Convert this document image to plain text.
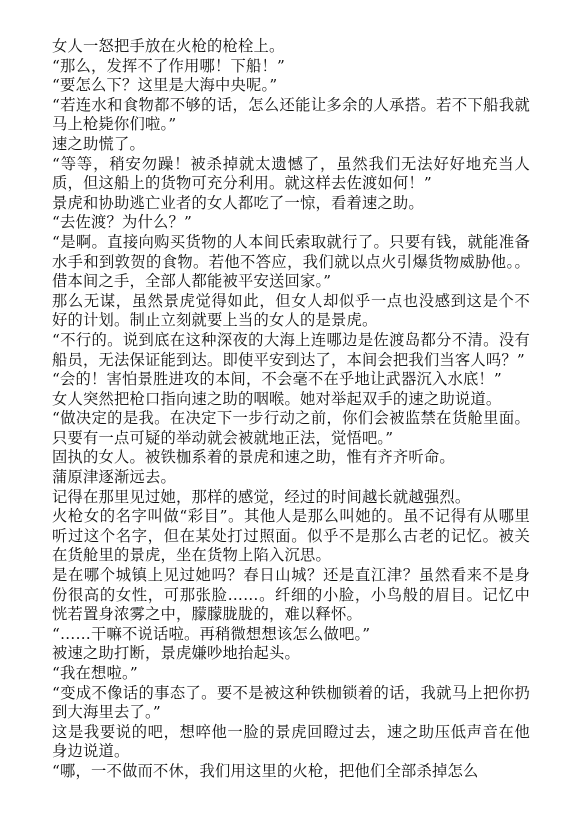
女人一怒把手放在火枪的枪栓上。

“那么，发挥不了作用哪！下船！”

“要怎么下？这里是大海中央呢。”

“若连水和食物都不够的话，怎么还能让多余的人承搭。若不下船我就马上枪毙你们啦。”

速之助慌了。

“等等，稍安勿躁！被杀掉就太遗憾了，虽然我们无法好好地充当人质，但这船上的货物可充分利用。就这样去佐渡如何！”

景虎和协助逃亡业者的女人都吃了一惊，看着速之助。

“去佐渡？为什么？”

“是啊。直接向购买货物的人本间氏索取就行了。只要有钱，就能准备水手和到敦贺的食物。若他不答应，我们就以点火引爆货物威胁他。。借本间之手，全部人都能被平安送回家。”

那么无谋，虽然景虎觉得如此，但女人却似乎一点也没感到这是个不好的计划。制止立刻就要上当的女人的是景虎。

“不行的。说到底在这种深夜的大海上连哪边是佐渡岛都分不清。没有船员，无法保证能到达。即使平安到达了，本间会把我们当客人吗？”

“会的！害怕景胜进攻的本间，不会毫不在乎地让武器沉入水底！”

女人突然把枪口指向速之助的咽喉。她对举起双手的速之助说道。

“做决定的是我。在决定下一步行动之前，你们会被监禁在货舱里面。只要有一点可疑的举动就会被就地正法，觉悟吧。”

固执的女人。被铁枷系着的景虎和速之助，惟有齐齐听命。

蒲原津逐渐远去。

记得在那里见过她，那样的感觉，经过的时间越长就越强烈。

火枪女的名字叫做“彩目”。其他人是那么叫她的。虽不记得有从哪里听过这个名字，但在某处打过照面。似乎不是那么古老的记忆。被关在货舱里的景虎，坐在货物上陷入沉思。

是在哪个城镇上见过她吗？春日山城？还是直江津？虽然看来不是身份很高的女性，可那张脸……。纤细的小脸，小鸟般的眉目。记忆中恍若置身浓雾之中，朦朦胧胧的，难以释怀。

“……干嘛不说话啦。再稍微想想该怎么做吧。”

被速之助打断，景虎嫌吵地抬起头。

“我在想啦。”

“变成不像话的事态了。要不是被这种铁枷锁着的话，我就马上把你扔到大海里去了。”

这是我要说的吧，想啐他一脸的景虎回瞪过去，速之助压低声音在他身边说道。

“哪，一不做而不休，我们用这里的火枪，把他们全部杀掉怎么
